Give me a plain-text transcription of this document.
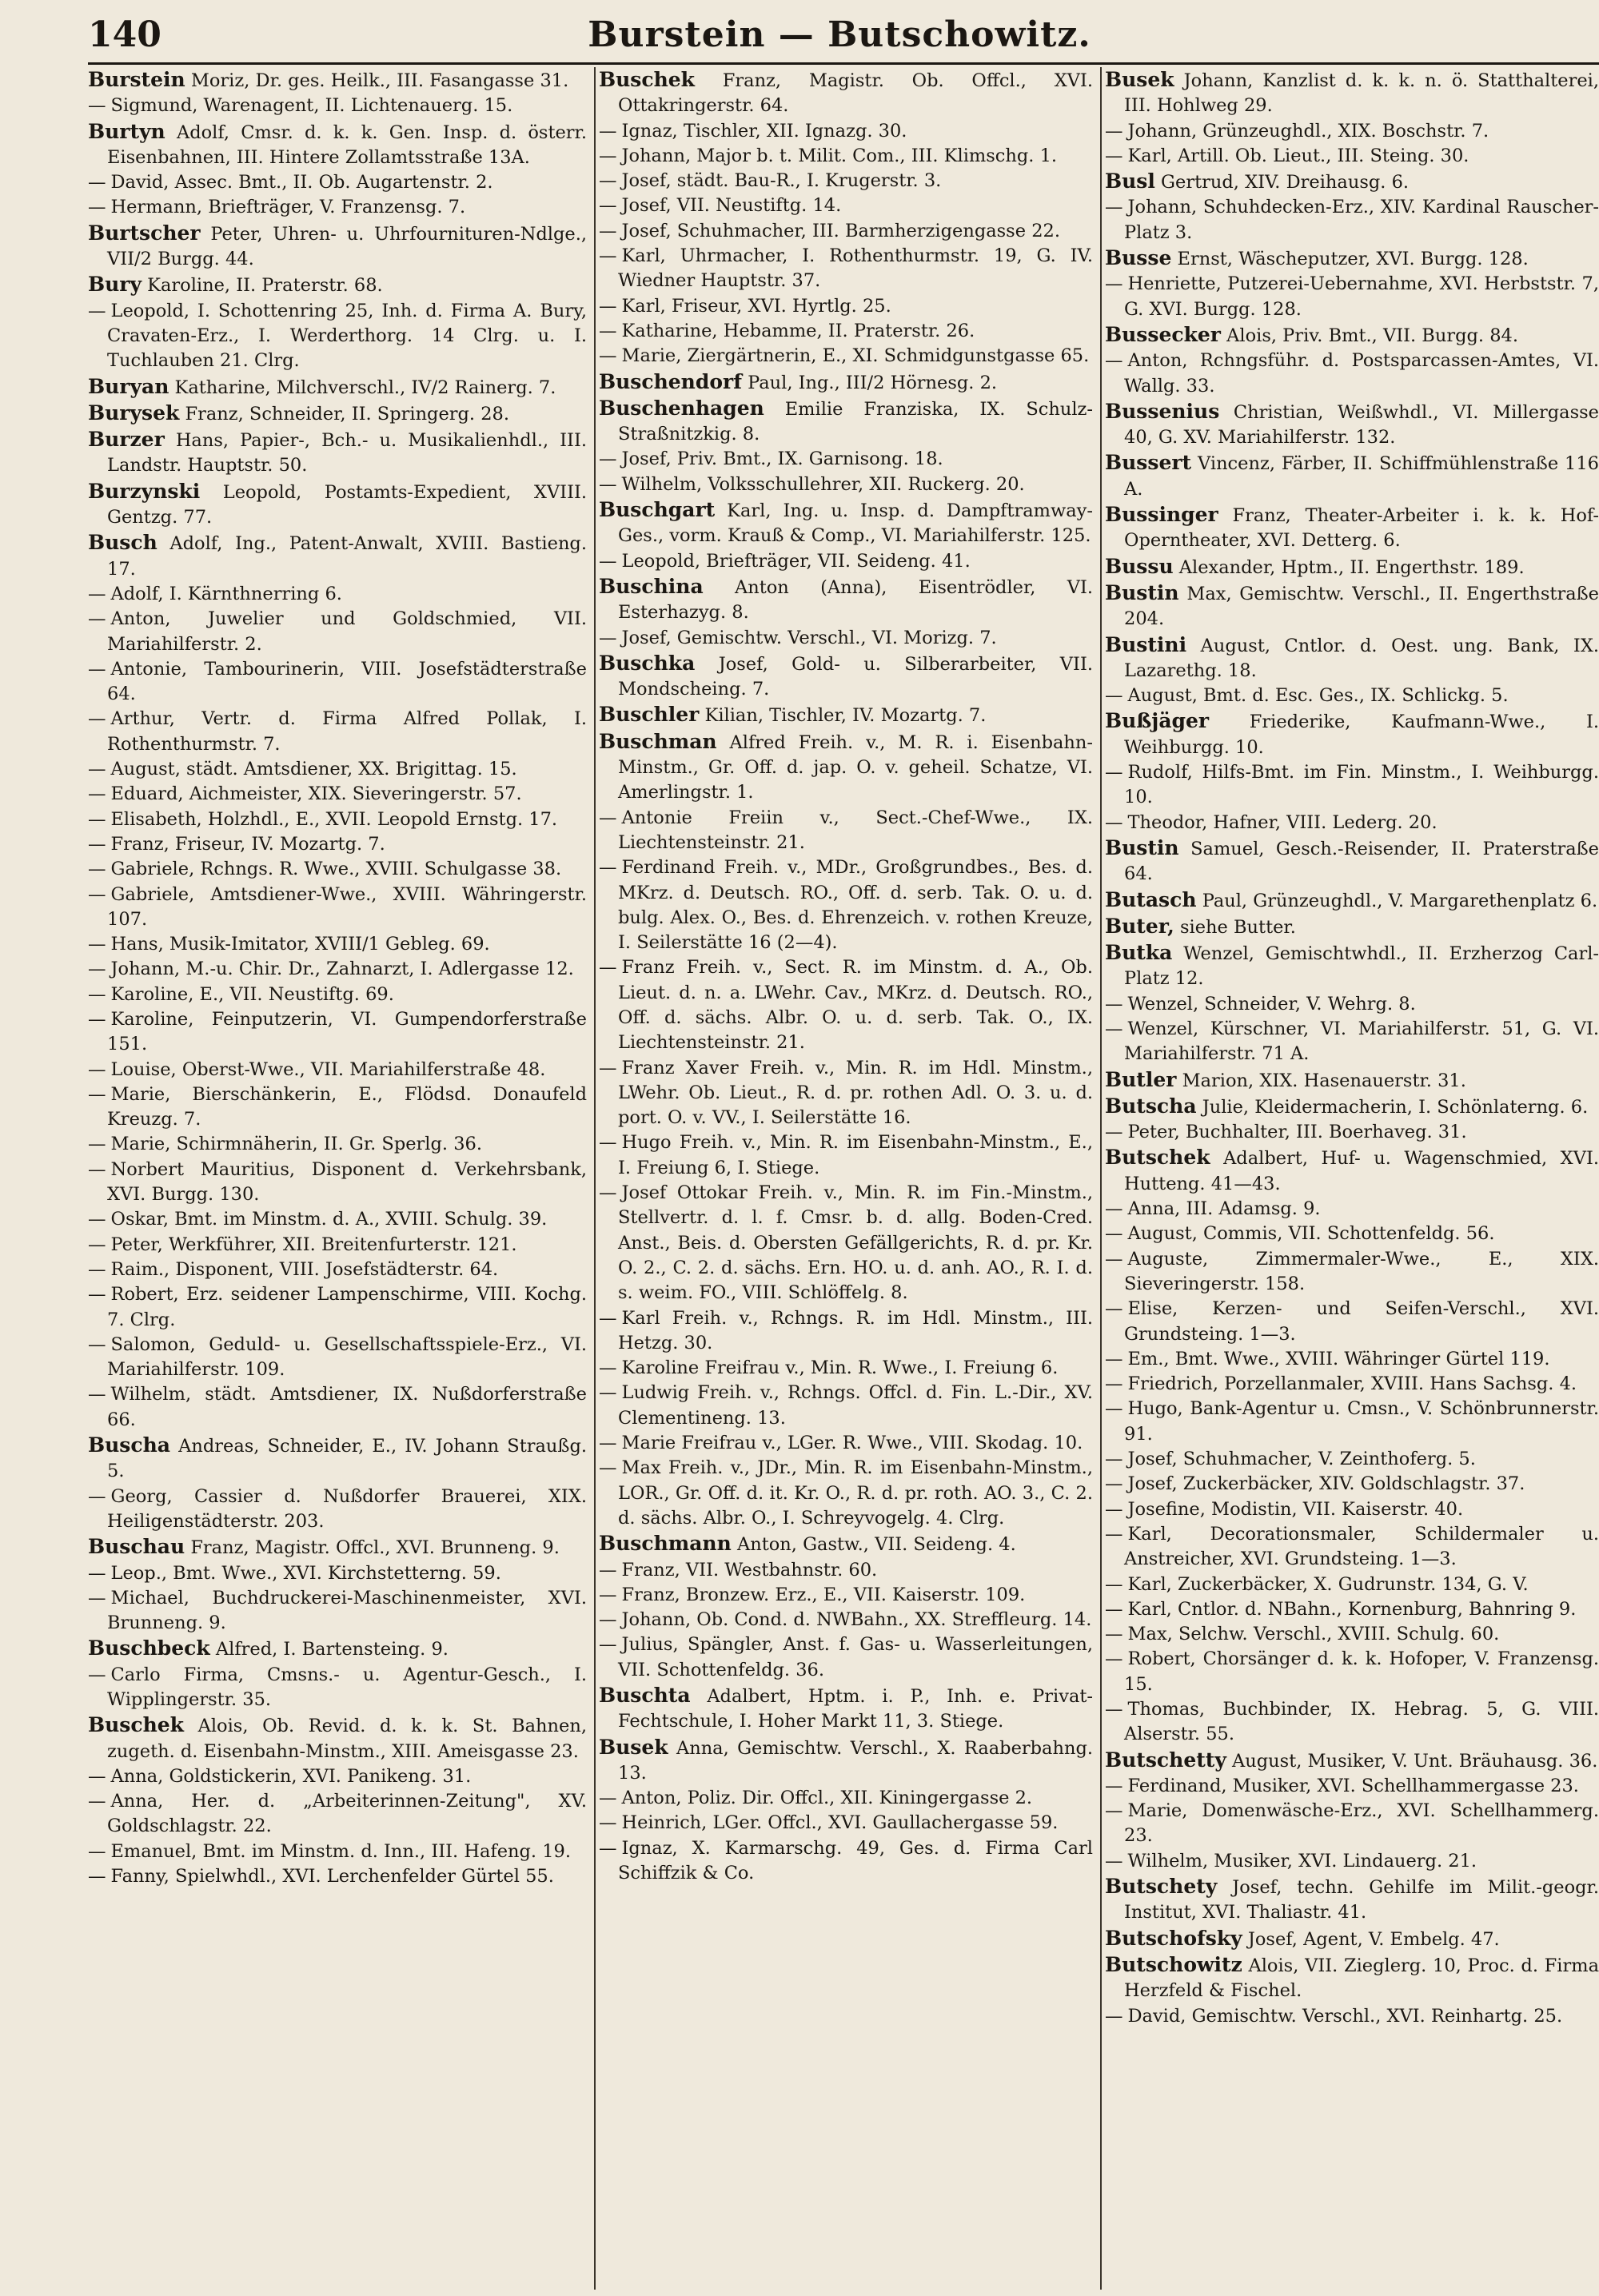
140	Burstein — Butschowitz.

Burstein Moriz, Dr. ges. Heilk., III. Fasangasse 31.

— Sigmund, Warenagent, II. Lichtenauerg. 15.

Burtyn Adolf, Cmsr. d. k. k. Gen. Insp. d. österr. Eisenbahnen, III. Hintere Zollamtsstraße 13A.

— David, Assec. Bmt., II. Ob. Augartenstr. 2.

— Hermann, Briefträger, V. Franzensg. 7.

Burtscher Peter, Uhren- u. Uhrfournituren-Ndlge., VII/2 Burgg. 44.

Bury Karoline, II. Praterstr. 68.

— Leopold, I. Schottenring 25, Inh. d. Firma A. Bury, Cravaten-Erz., I. Werderthorg. 14 Clrg. u. I. Tuchlauben 21. Clrg.

Buryan Katharine, Milchverschl., IV/2 Rainerg. 7.

Burysek Franz, Schneider, II. Springerg. 28.

Burzer Hans, Papier-, Bch.- u. Musikalienhdl., III. Landstr. Hauptstr. 50.

Burzynski Leopold, Postamts-Expedient, XVIII. Gentzg. 77.

Busch Adolf, Ing., Patent-Anwalt, XVIII. Bastieng. 17.

— Adolf, I. Kärnthnerring 6.

— Anton, Juwelier und Goldschmied, VII. Mariahilferstr. 2.

— Antonie, Tambourinerin, VIII. Josefstädterstraße 64.

— Arthur, Vertr. d. Firma Alfred Pollak, I. Rothenthurmstr. 7.

— August, städt. Amtsdiener, XX. Brigittag. 15.

— Eduard, Aichmeister, XIX. Sieveringerstr. 57.

— Elisabeth, Holzhdl., E., XVII. Leopold Ernstg. 17.

— Franz, Friseur, IV. Mozartg. 7.

— Gabriele, Rchngs. R. Wwe., XVIII. Schulgasse 38.

— Gabriele, Amtsdiener-Wwe., XVIII. Währingerstr. 107.

— Hans, Musik-Imitator, XVIII/1 Gebleg. 69.

— Johann, M.-u. Chir. Dr., Zahnarzt, I. Adlergasse 12.

— Karoline, E., VII. Neustiftg. 69.

— Karoline, Feinputzerin, VI. Gumpendorferstraße 151.

— Louise, Oberst-Wwe., VII. Mariahilferstraße 48.

— Marie, Bierschänkerin, E., Flödsd. Donaufeld Kreuzg. 7.

— Marie, Schirmnäherin, II. Gr. Sperlg. 36.

— Norbert Mauritius, Disponent d. Verkehrsbank, XVI. Burgg. 130.

— Oskar, Bmt. im Minstm. d. A., XVIII. Schulg. 39.

— Peter, Werkführer, XII. Breitenfurterstr. 121.

— Raim., Disponent, VIII. Josefstädterstr. 64.

— Robert, Erz. seidener Lampenschirme, VIII. Kochg. 7. Clrg.

— Salomon, Geduld- u. Gesellschaftsspiele-Erz., VI. Mariahilferstr. 109.

— Wilhelm, städt. Amtsdiener, IX. Nußdorferstraße 66.

Buscha Andreas, Schneider, E., IV. Johann Straußg. 5.

— Georg, Cassier d. Nußdorfer Brauerei, XIX. Heiligenstädterstr. 203.

Buschau Franz, Magistr. Offcl., XVI. Brunneng. 9.

— Leop., Bmt. Wwe., XVI. Kirchstetterng. 59.

— Michael, Buchdruckerei-Maschinenmeister, XVI. Brunneng. 9.

Buschbeck Alfred, I. Bartensteing. 9.

— Carlo Firma, Cmsns.- u. Agentur-Gesch., I. Wipplingerstr. 35.

Buschek Alois, Ob. Revid. d. k. k. St. Bahnen, zugeth. d. Eisenbahn-Minstm., XIII. Ameisgasse 23.

— Anna, Goldstickerin, XVI. Panikeng. 31.

— Anna, Her. d. „Arbeiterinnen-Zeitung", XV. Goldschlagstr. 22.

— Emanuel, Bmt. im Minstm. d. Inn., III. Hafeng. 19.

— Fanny, Spielwhdl., XVI. Lerchenfelder Gürtel 55.

Buschek Franz, Magistr. Ob. Offcl., XVI. Ottakringerstr. 64.

— Ignaz, Tischler, XII. Ignazg. 30.

— Johann, Major b. t. Milit. Com., III. Klimschg. 1.

— Josef, städt. Bau-R., I. Krugerstr. 3.

— Josef, VII. Neustiftg. 14.

— Josef, Schuhmacher, III. Barmherzigengasse 22.

— Karl, Uhrmacher, I. Rothenthurmstr. 19, G. IV. Wiedner Hauptstr. 37.

— Karl, Friseur, XVI. Hyrtlg. 25.

— Katharine, Hebamme, II. Praterstr. 26.

— Marie, Ziergärtnerin, E., XI. Schmidgunstgasse 65.

Buschendorf Paul, Ing., III/2 Hörnesg. 2.

Buschenhagen Emilie Franziska, IX. Schulz-Straßnitzkig. 8.

— Josef, Priv. Bmt., IX. Garnisong. 18.

— Wilhelm, Volksschullehrer, XII. Ruckerg. 20.

Buschgart Karl, Ing. u. Insp. d. Dampftramway-Ges., vorm. Krauß & Comp., VI. Mariahilferstr. 125.

— Leopold, Briefträger, VII. Seideng. 41.

Buschina Anton (Anna), Eisentrödler, VI. Esterhazyg. 8.

— Josef, Gemischtw. Verschl., VI. Morizg. 7.

Buschka Josef, Gold- u. Silberarbeiter, VII. Mondscheing. 7.

Buschler Kilian, Tischler, IV. Mozartg. 7.

Buschman Alfred Freih. v., M. R. i. Eisenbahn-Minstm., Gr. Off. d. jap. O. v. geheil. Schatze, VI. Amerlingstr. 1.

— Antonie Freiin v., Sect.-Chef-Wwe., IX. Liechtensteinstr. 21.

— Ferdinand Freih. v., MDr., Großgrundbes., Bes. d. MKrz. d. Deutsch. RO., Off. d. serb. Tak. O. u. d. bulg. Alex. O., Bes. d. Ehrenzeich. v. rothen Kreuze, I. Seilerstätte 16 (2—4).

— Franz Freih. v., Sect. R. im Minstm. d. A., Ob. Lieut. d. n. a. LWehr. Cav., MKrz. d. Deutsch. RO., Off. d. sächs. Albr. O. u. d. serb. Tak. O., IX. Liechtensteinstr. 21.

— Franz Xaver Freih. v., Min. R. im Hdl. Minstm., LWehr. Ob. Lieut., R. d. pr. rothen Adl. O. 3. u. d. port. O. v. VV., I. Seilerstätte 16.

— Hugo Freih. v., Min. R. im Eisenbahn-Minstm., E., I. Freiung 6, I. Stiege.

— Josef Ottokar Freih. v., Min. R. im Fin.-Minstm., Stellvertr. d. l. f. Cmsr. b. d. allg. Boden-Cred. Anst., Beis. d. Obersten Gefällgerichts, R. d. pr. Kr. O. 2., C. 2. d. sächs. Ern. HO. u. d. anh. AO., R. I. d. s. weim. FO., VIII. Schlöffelg. 8.

— Karl Freih. v., Rchngs. R. im Hdl. Minstm., III. Hetzg. 30.

— Karoline Freifrau v., Min. R. Wwe., I. Freiung 6.

— Ludwig Freih. v., Rchngs. Offcl. d. Fin. L.-Dir., XV. Clementineng. 13.

— Marie Freifrau v., LGer. R. Wwe., VIII. Skodag. 10.

— Max Freih. v., JDr., Min. R. im Eisenbahn-Minstm., LOR., Gr. Off. d. it. Kr. O., R. d. pr. roth. AO. 3., C. 2. d. sächs. Albr. O., I. Schreyvogelg. 4. Clrg.

Buschmann Anton, Gastw., VII. Seideng. 4.

— Franz, VII. Westbahnstr. 60.

— Franz, Bronzew. Erz., E., VII. Kaiserstr. 109.

— Johann, Ob. Cond. d. NWBahn., XX. Streffleurg. 14.

— Julius, Spängler, Anst. f. Gas- u. Wasserleitungen, VII. Schottenfeldg. 36.

Buschta Adalbert, Hptm. i. P., Inh. e. Privat-Fechtschule, I. Hoher Markt 11, 3. Stiege.

Busek Anna, Gemischtw. Verschl., X. Raaberbahng. 13.

— Anton, Poliz. Dir. Offcl., XII. Kiningergasse 2.

— Heinrich, LGer. Offcl., XVI. Gaullachergasse 59.

— Ignaz, X. Karmarschg. 49, Ges. d. Firma Carl Schiffzik & Co.

Busek Johann, Kanzlist d. k. k. n. ö. Statthalterei, III. Hohlweg 29.

— Johann, Grünzeughdl., XIX. Boschstr. 7.

— Karl, Artill. Ob. Lieut., III. Steing. 30.

Busl Gertrud, XIV. Dreihausg. 6.

— Johann, Schuhdecken-Erz., XIV. Kardinal Rauscher-Platz 3.

Busse Ernst, Wäscheputzer, XVI. Burgg. 128.

— Henriette, Putzerei-Uebernahme, XVI. Herbststr. 7, G. XVI. Burgg. 128.

Bussecker Alois, Priv. Bmt., VII. Burgg. 84.

— Anton, Rchngsführ. d. Postsparcassen-Amtes, VI. Wallg. 33.

Bussenius Christian, Weißwhdl., VI. Millergasse 40, G. XV. Mariahilferstr. 132.

Bussert Vincenz, Färber, II. Schiffmühlenstraße 116 A.

Bussinger Franz, Theater-Arbeiter i. k. k. Hof-Operntheater, XVI. Detterg. 6.

Bussu Alexander, Hptm., II. Engerthstr. 189.

Bustin Max, Gemischtw. Verschl., II. Engerthstraße 204.

Bustini August, Cntlor. d. Oest. ung. Bank, IX. Lazarethg. 18.

— August, Bmt. d. Esc. Ges., IX. Schlickg. 5.

Bußjäger Friederike, Kaufmann-Wwe., I. Weihburgg. 10.

— Rudolf, Hilfs-Bmt. im Fin. Minstm., I. Weihburgg. 10.

— Theodor, Hafner, VIII. Lederg. 20.

Bustin Samuel, Gesch.-Reisender, II. Praterstraße 64.

Butasch Paul, Grünzeughdl., V. Margarethenplatz 6.

Buter, siehe Butter.

Butka Wenzel, Gemischtwhdl., II. Erzherzog Carl-Platz 12.

— Wenzel, Schneider, V. Wehrg. 8.

— Wenzel, Kürschner, VI. Mariahilferstr. 51, G. VI. Mariahilferstr. 71 A.

Butler Marion, XIX. Hasenauerstr. 31.

Butscha Julie, Kleidermacherin, I. Schönlaterng. 6.

— Peter, Buchhalter, III. Boerhaveg. 31.

Butschek Adalbert, Huf- u. Wagenschmied, XVI. Hutteng. 41—43.

— Anna, III. Adamsg. 9.

— August, Commis, VII. Schottenfeldg. 56.

— Auguste, Zimmermaler-Wwe., E., XIX. Sieveringerstr. 158.

— Elise, Kerzen- und Seifen-Verschl., XVI. Grundsteing. 1—3.

— Em., Bmt. Wwe., XVIII. Währinger Gürtel 119.

— Friedrich, Porzellanmaler, XVIII. Hans Sachsg. 4.

— Hugo, Bank-Agentur u. Cmsn., V. Schönbrunnerstr. 91.

— Josef, Schuhmacher, V. Zeinthoferg. 5.

— Josef, Zuckerbäcker, XIV. Goldschlagstr. 37.

— Josefine, Modistin, VII. Kaiserstr. 40.

— Karl, Decorationsmaler, Schildermaler u. Anstreicher, XVI. Grundsteing. 1—3.

— Karl, Zuckerbäcker, X. Gudrunstr. 134, G. V.

— Karl, Cntlor. d. NBahn., Kornenburg, Bahnring 9.

— Max, Selchw. Verschl., XVIII. Schulg. 60.

— Robert, Chorsänger d. k. k. Hofoper, V. Franzensg. 15.

— Thomas, Buchbinder, IX. Hebrag. 5, G. VIII. Alserstr. 55.

Butschetty August, Musiker, V. Unt. Bräuhausg. 36.

— Ferdinand, Musiker, XVI. Schellhammergasse 23.

— Marie, Domenwäsche-Erz., XVI. Schellhammerg. 23.

— Wilhelm, Musiker, XVI. Lindauerg. 21.

Butschety Josef, techn. Gehilfe im Milit.-geogr. Institut, XVI. Thaliastr. 41.

Butschofsky Josef, Agent, V. Embelg. 47.

Butschowitz Alois, VII. Zieglerg. 10, Proc. d. Firma Herzfeld & Fischel.

— David, Gemischtw. Verschl., XVI. Reinhartg. 25.
